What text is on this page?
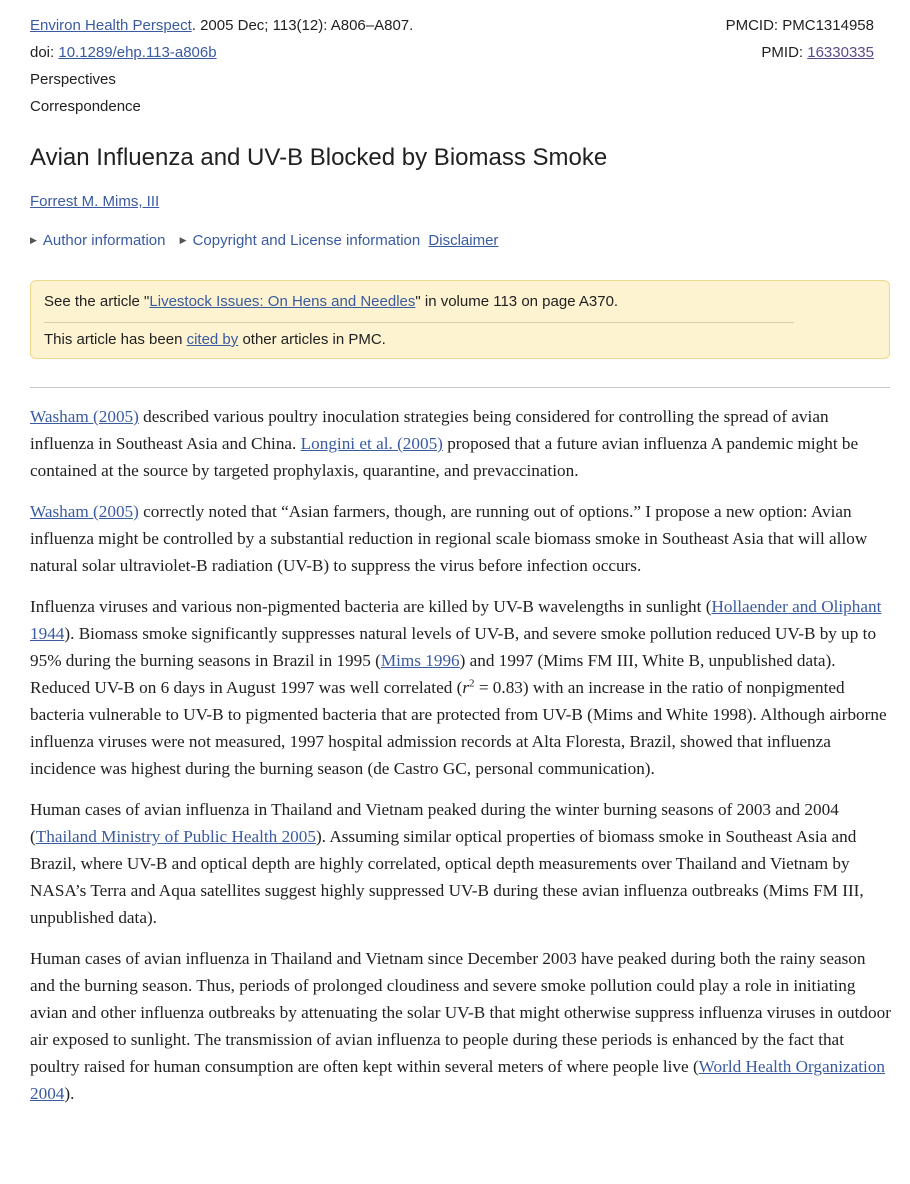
Environ Health Perspect. 2005 Dec; 113(12): A806–A807.
doi: 10.1289/ehp.113-a806b
Perspectives
Correspondence
PMCID: PMC1314958
PMID: 16330335
Avian Influenza and UV-B Blocked by Biomass Smoke
Forrest M. Mims, III
▶ Author information ▶ Copyright and License information Disclaimer
See the article "Livestock Issues: On Hens and Needles" in volume 113 on page A370.
This article has been cited by other articles in PMC.

Washam (2005) described various poultry inoculation strategies being considered for controlling the spread of avian influenza in Southeast Asia and China. Longini et al. (2005) proposed that a future avian influenza A pandemic might be contained at the source by targeted prophylaxis, quarantine, and prevaccination.

Washam (2005) correctly noted that “Asian farmers, though, are running out of options.” I propose a new option: Avian influenza might be controlled by a substantial reduction in regional scale biomass smoke in Southeast Asia that will allow natural solar ultraviolet-B radiation (UV-B) to suppress the virus before infection occurs.

Influenza viruses and various non-pigmented bacteria are killed by UV-B wavelengths in sunlight (Hollaender and Oliphant 1944). Biomass smoke significantly suppresses natural levels of UV-B, and severe smoke pollution reduced UV-B by up to 95% during the burning seasons in Brazil in 1995 (Mims 1996) and 1997 (Mims FM III, White B, unpublished data). Reduced UV-B on 6 days in August 1997 was well correlated $(r^2 = 0.83)$ with an increase in the ratio of nonpigmented bacteria vulnerable to UV-B to pigmented bacteria that are protected from UV-B (Mims and White 1998). Although airborne influenza viruses were not measured, 1997 hospital admission records at Alta Floresta, Brazil, showed that influenza incidence was highest during the burning season (de Castro GC, personal communication).

Human cases of avian influenza in Thailand and Vietnam peaked during the winter burning seasons of 2003 and 2004 (Thailand Ministry of Public Health 2005). Assuming similar optical properties of biomass smoke in Southeast Asia and Brazil, where UV-B and optical depth are highly correlated, optical depth measurements over Thailand and Vietnam by NASA’s Terra and Aqua satellites suggest highly suppressed UV-B during these avian influenza outbreaks (Mims FM III, unpublished data).

Human cases of avian influenza in Thailand and Vietnam since December 2003 have peaked during both the rainy season and the burning season. Thus, periods of prolonged cloudiness and severe smoke pollution could play a role in initiating avian and other influenza outbreaks by attenuating the solar UV-B that might otherwise suppress influenza viruses in outdoor air exposed to sunlight. The transmission of avian influenza to people during these periods is enhanced by the fact that poultry raised for human consumption are often kept within several meters of where people live (World Health Organization 2004).
